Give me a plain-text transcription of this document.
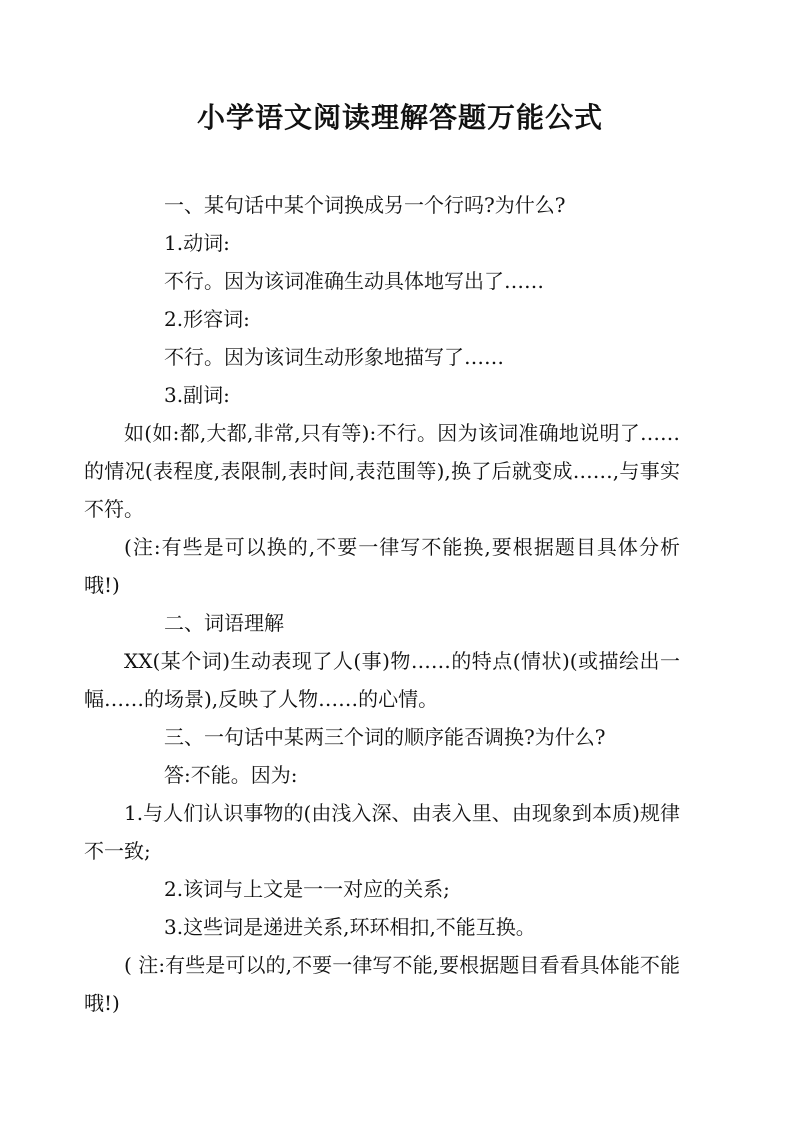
小学语文阅读理解答题万能公式

一、某句话中某个词换成另一个行吗?为什么?

1.动词:

不行。因为该词准确生动具体地写出了……

2.形容词:

不行。因为该词生动形象地描写了……

3.副词:

如(如:都,大都,非常,只有等):不行。因为该词准确地说明了……的情况(表程度,表限制,表时间,表范围等),换了后就变成……,与事实不符。

(注:有些是可以换的,不要一律写不能换,要根据题目具体分析哦!)

二、词语理解

XX(某个词)生动表现了人(事)物……的特点(情状)(或描绘出一幅……的场景),反映了人物……的心情。

三、一句话中某两三个词的顺序能否调换?为什么?

答:不能。因为:

1.与人们认识事物的(由浅入深、由表入里、由现象到本质)规律不一致;

2.该词与上文是一一对应的关系;

3.这些词是递进关系,环环相扣,不能互换。

( 注:有些是可以的,不要一律写不能,要根据题目看看具体能不能哦!)
